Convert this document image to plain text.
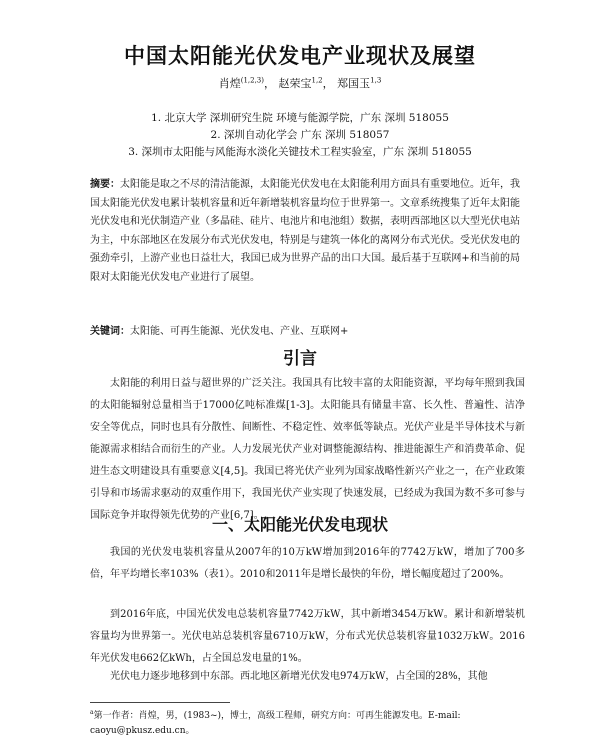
中国太阳能光伏发电产业现状及展望
肖煌$^{(1,2,3)}$， 赵荣宝$^{1,2}$， 郑国玉$^{1,3}$
1. 北京大学 深圳研究生院 环境与能源学院，广东 深圳 518055
2. 深圳自动化学会 广东 深圳 518057
3. 深圳市太阳能与风能海水淡化关键技术工程实验室，广东 深圳 518055
摘要：太阳能是取之不尽的清洁能源，太阳能光伏发电在太阳能利用方面具有重要地位。近年，我国太阳能光伏发电累计装机容量和近年新增装机容量均位于世界第一。文章系统搜集了近年太阳能光伏发电和光伏制造产业（多晶硅、硅片、电池片和电池组）数据，表明西部地区以大型光伏电站为主，中东部地区在发展分布式光伏发电，特别是与建筑一体化的离网分布式光伏。受光伏发电的强劲牵引，上游产业也日益壮大，我国已成为世界产品的出口大国。最后基于互联网+和当前的局限对太阳能光伏发电产业进行了展望。
关键词：太阳能、可再生能源、光伏发电、产业、互联网+
引言
太阳能的利用日益与超世界的广泛关注。我国具有比较丰富的太阳能资源，平均每年照到我国的太阳能辐射总量相当于17000亿吨标准煤[1-3]。太阳能具有储量丰富、长久性、普遍性、洁净安全等优点，同时也具有分散性、间断性、不稳定性、效率低等缺点。光伏产业是半导体技术与新能源需求相结合而衍生的产业。人力发展光伏产业对调整能源结构、推进能源生产和消费革命、促进生态文明建设具有重要意义[4,5]。我国已将光伏产业列为国家战略性新兴产业之一，在产业政策引导和市场需求驱动的双重作用下，我国光伏产业实现了快速发展，已经成为我国为数不多可参与国际竞争并取得领先优势的产业[6,7]。
一、太阳能光伏发电现状
我国的光伏发电装机容量从2007年的10万kW增加到2016年的7742万kW，增加了700多倍，年平均增长率103%（表1）。2010和2011年是增长最快的年份，增长幅度超过了200%。
到2016年底，中国光伏发电总装机容量7742万kW，其中新增3454万kW。累计和新增装机容量均为世界第一。光伏电站总装机容量6710万kW，分布式光伏总装机容量1032万kW。2016年光伏发电662亿kWh，占全国总发电量的1%。
光伏电力逐步地移到中东部。西北地区新增光伏发电974万kW，占全国的28%，其他
$^a$第一作者：肖煌，男，(1983~)，博士，高级工程师，研究方向：可再生能源发电。E-mail: caoyu@pkusz.edu.cn。
